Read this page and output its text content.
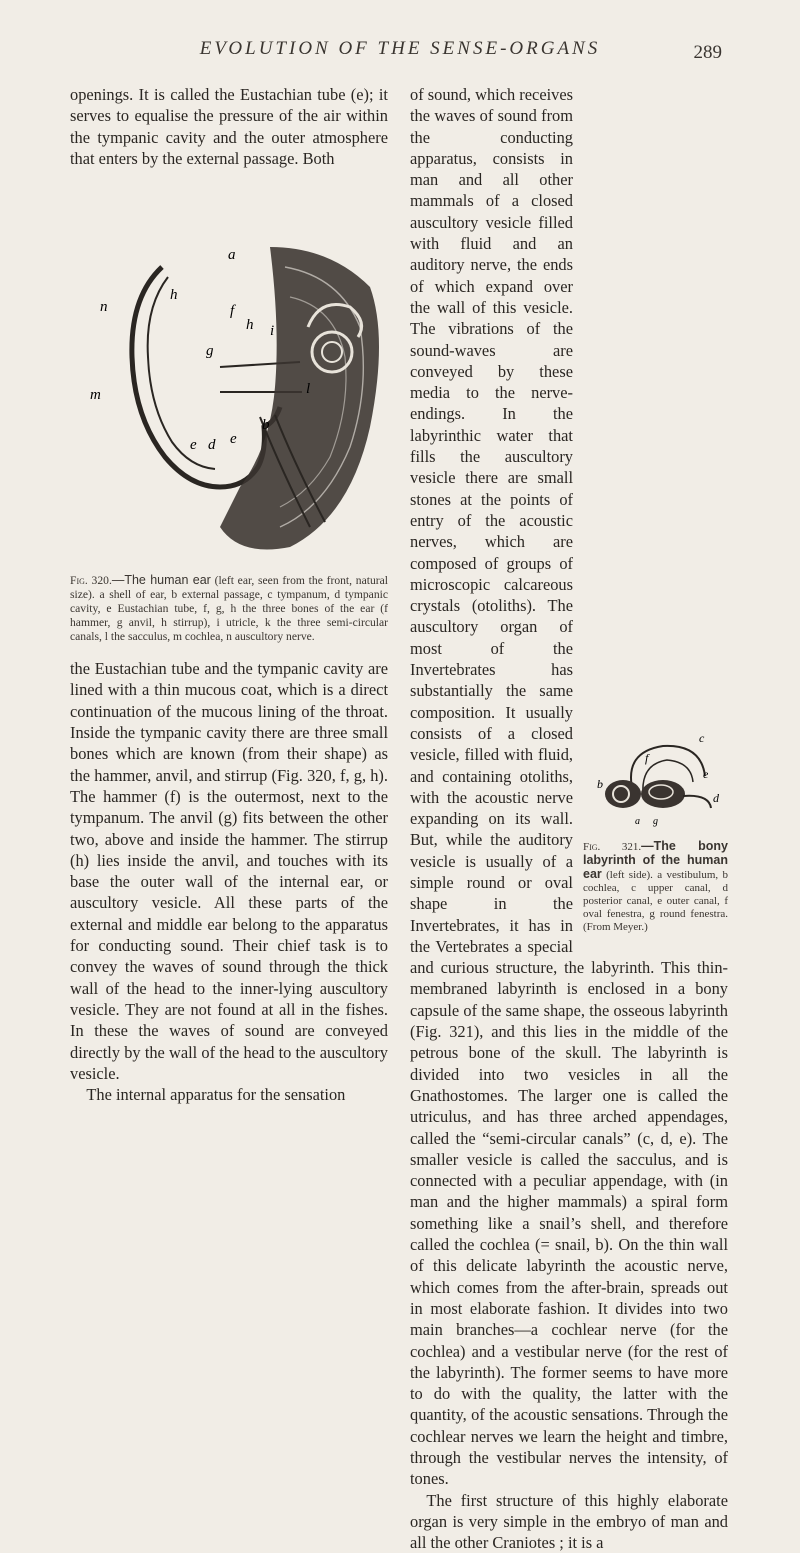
EVOLUTION OF THE SENSE-ORGANS	289

openings. It is called the Eustachian tube (e); it serves to equalise the pressure of the air within the tympanic cavity and the outer atmosphere that enters by the external passage. Both

a
h
n	f
h i
g
m	l
e d e
b
Fig. 320.—The human ear (left ear, seen from the front, natural size). a shell of ear, b external passage, c tympanum, d tympanic cavity, e Eustachian tube, f, g, h the three bones of the ear (f hammer, g anvil, h stirrup), i utricle, k the three semi-circular canals, l the sacculus, m cochlea, n auscultory nerve.

the Eustachian tube and the tympanic cavity are lined with a thin mucous coat, which is a direct continuation of the mucous lining of the throat. Inside the tympanic cavity there are three small bones which are known (from their shape) as the hammer, anvil, and stirrup (Fig. 320, f, g, h). The hammer (f) is the outermost, next to the tympanum. The anvil (g) fits between the other two, above and inside the hammer. The stirrup (h) lies inside the anvil, and touches with its base the outer wall of the internal ear, or auscultory vesicle. All these parts of the external and middle ear belong to the apparatus for conducting sound. Their chief task is to convey the waves of sound through the thick wall of the head to the inner-lying auscultory vesicle. They are not found at all in the fishes. In these the waves of sound are conveyed directly by the wall of the head to the auscultory vesicle.

The internal apparatus for the sensation

c
f
e
b
d
a g
Fig. 321.—The bony labyrinth of the human ear (left side). a vestibulum, b cochlea, c upper canal, d posterior canal, e outer canal, f oval fenestra, g round fenestra. (From Meyer.)

of sound, which receives the waves of sound from the conducting apparatus, consists in man and all other mammals of a closed auscultory vesicle filled with fluid and an auditory nerve, the ends of which expand over the wall of this vesicle. The vibrations of the sound-waves are conveyed by these media to the nerve-endings. In the labyrinthic water that fills the auscultory vesicle there are small stones at the points of entry of the acoustic nerves, which are composed of groups of microscopic calcareous crystals (otoliths). The auscultory organ of most of the Invertebrates has substantially the same composition. It usually consists of a closed vesicle, filled with fluid, and containing otoliths, with the acoustic nerve expanding on its wall. But, while the auditory vesicle is usually of a simple round or oval shape in the Invertebrates, it has in the Vertebrates a special and curious structure, the labyrinth. This thin-membraned labyrinth is enclosed in a bony capsule of the same shape, the osseous labyrinth (Fig. 321), and this lies in the middle of the petrous bone of the skull. The labyrinth is divided into two vesicles in all the Gnathostomes. The larger one is called the utriculus, and has three arched appendages, called the “semi-circular canals” (c, d, e). The smaller vesicle is called the sacculus, and is connected with a peculiar appendage, with (in man and the higher mammals) a spiral form something like a snail’s shell, and therefore called the cochlea (= snail, b). On the thin wall of this delicate labyrinth the acoustic nerve, which comes from the after-brain, spreads out in most elaborate fashion. It divides into two main branches—a cochlear nerve (for the cochlea) and a vestibular nerve (for the rest of the labyrinth). The former seems to have more to do with the quality, the latter with the quantity, of the acoustic sensations. Through the cochlear nerves we learn the height and timbre, through the vestibular nerves the intensity, of tones.

The first structure of this highly elaborate organ is very simple in the embryo of man and all the other Craniotes ; it is a
